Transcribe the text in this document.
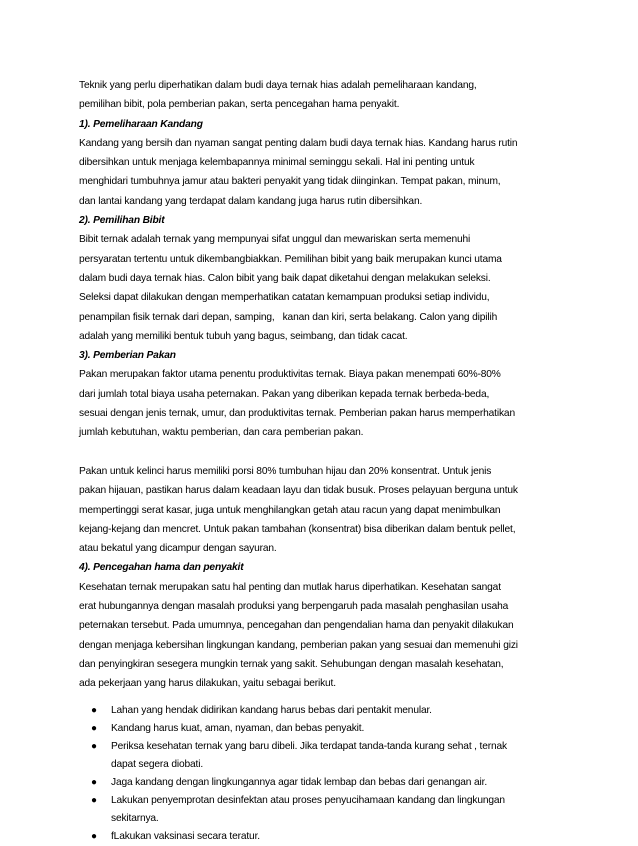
Teknik yang perlu diperhatikan dalam budi daya ternak hias adalah pemeliharaan kandang,
pemilihan bibit, pola pemberian pakan, serta pencegahan hama penyakit.
1). Pemeliharaan Kandang
Kandang yang bersih dan nyaman sangat penting dalam budi daya ternak hias. Kandang harus rutin
dibersihkan untuk menjaga kelembapannya minimal seminggu sekali. Hal ini penting untuk
menghidari tumbuhnya jamur atau bakteri penyakit yang tidak diinginkan. Tempat pakan, minum,
dan lantai kandang yang terdapat dalam kandang juga harus rutin dibersihkan.
2). Pemilihan Bibit
Bibit ternak adalah ternak yang mempunyai sifat unggul dan mewariskan serta memenuhi
persyaratan tertentu untuk dikembangbiakkan. Pemilihan bibit yang baik merupakan kunci utama
dalam budi daya ternak hias. Calon bibit yang baik dapat diketahui dengan melakukan seleksi.
Seleksi dapat dilakukan dengan memperhatikan catatan kemampuan produksi setiap individu,
penampilan fisik ternak dari depan, samping,   kanan dan kiri, serta belakang. Calon yang dipilih
adalah yang memiliki bentuk tubuh yang bagus, seimbang, dan tidak cacat.
3). Pemberian Pakan
Pakan merupakan faktor utama penentu produktivitas ternak. Biaya pakan menempati 60%-80%
dari jumlah total biaya usaha peternakan. Pakan yang diberikan kepada ternak berbeda-beda,
sesuai dengan jenis ternak, umur, dan produktivitas ternak. Pemberian pakan harus memperhatikan
jumlah kebutuhan, waktu pemberian, dan cara pemberian pakan.
Pakan untuk kelinci harus memiliki porsi 80% tumbuhan hijau dan 20% konsentrat. Untuk jenis
pakan hijauan, pastikan harus dalam keadaan layu dan tidak busuk. Proses pelayuan berguna untuk
mempertinggi serat kasar, juga untuk menghilangkan getah atau racun yang dapat menimbulkan
kejang-kejang dan mencret. Untuk pakan tambahan (konsentrat) bisa diberikan dalam bentuk pellet,
atau bekatul yang dicampur dengan sayuran.
4). Pencegahan hama dan penyakit
Kesehatan ternak merupakan satu hal penting dan mutlak harus diperhatikan. Kesehatan sangat
erat hubungannya dengan masalah produksi yang berpengaruh pada masalah penghasilan usaha
peternakan tersebut. Pada umumnya, pencegahan dan pengendalian hama dan penyakit dilakukan
dengan menjaga kebersihan lingkungan kandang, pemberian pakan yang sesuai dan memenuhi gizi
dan penyingkiran sesegera mungkin ternak yang sakit. Sehubungan dengan masalah kesehatan,
ada pekerjaan yang harus dilakukan, yaitu sebagai berikut.
●	Lahan yang hendak didirikan kandang harus bebas dari pentakit menular.
●	Kandang harus kuat, aman, nyaman, dan bebas penyakit.
●	Periksa kesehatan ternak yang baru dibeli. Jika terdapat tanda-tanda kurang sehat , ternak
dapat segera diobati.
●	Jaga kandang dengan lingkungannya agar tidak lembap dan bebas dari genangan air.
●	Lakukan penyemprotan desinfektan atau proses penyucihamaan kandang dan lingkungan
sekitarnya.
●	fLakukan vaksinasi secara teratur.
